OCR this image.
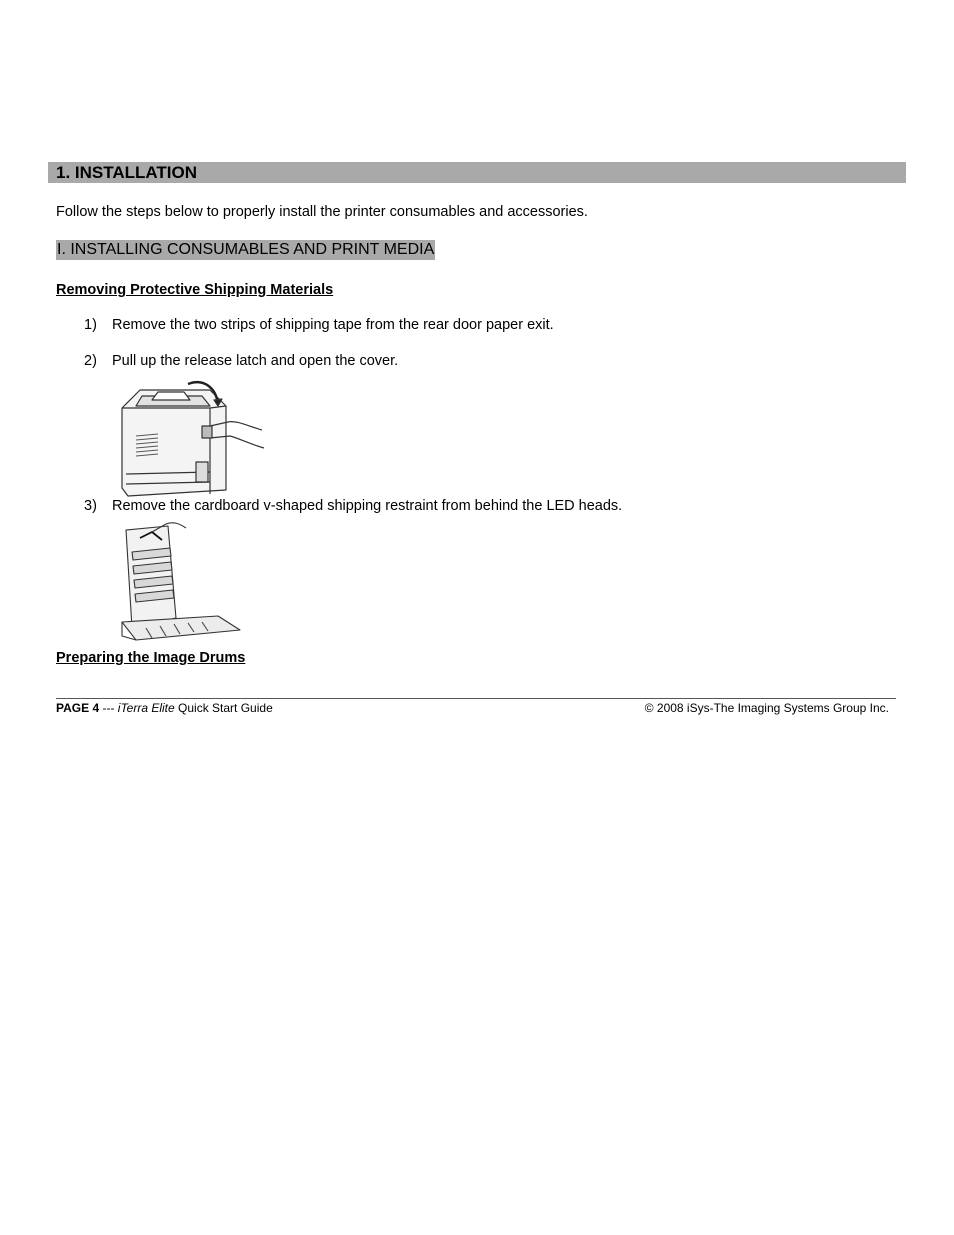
1. INSTALLATION
Follow the steps below to properly install the printer consumables and accessories.
I. INSTALLING CONSUMABLES AND PRINT MEDIA
Removing Protective Shipping Materials
1) Remove the two strips of shipping tape from the rear door paper exit.
2) Pull up the release latch and open the cover.
3) Remove the cardboard v-shaped shipping restraint from behind the LED heads.
Preparing the Image Drums
PAGE 4 --- iTerra Elite Quick Start Guide	© 2008 iSys-The Imaging Systems Group Inc.
